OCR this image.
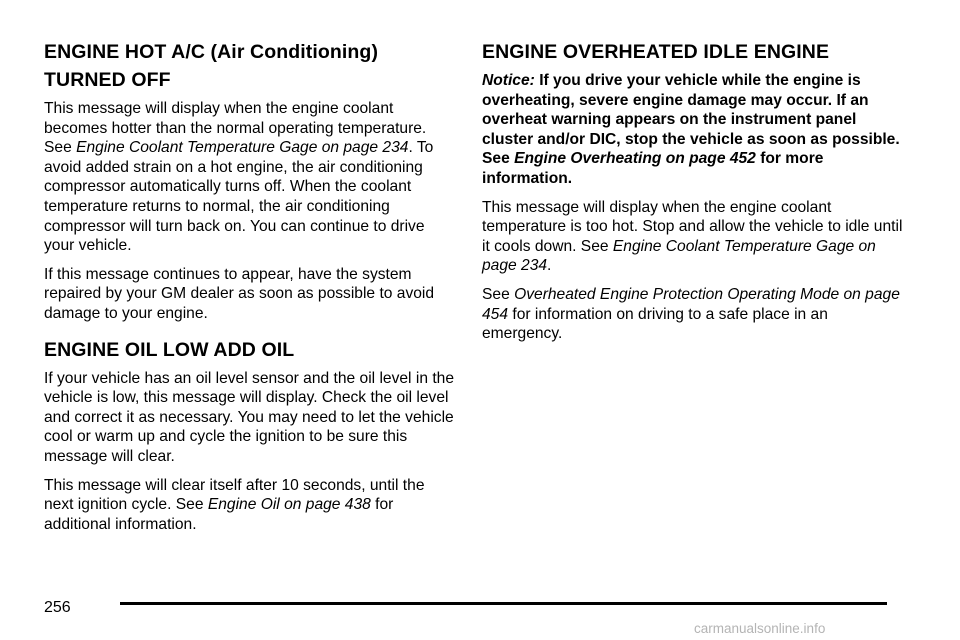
ENGINE HOT A/C (Air Conditioning) TURNED OFF

This message will display when the engine coolant becomes hotter than the normal operating temperature. See Engine Coolant Temperature Gage on page 234. To avoid added strain on a hot engine, the air conditioning compressor automatically turns off. When the coolant temperature returns to normal, the air conditioning compressor will turn back on. You can continue to drive your vehicle.

If this message continues to appear, have the system repaired by your GM dealer as soon as possible to avoid damage to your engine.

ENGINE OIL LOW ADD OIL

If your vehicle has an oil level sensor and the oil level in the vehicle is low, this message will display. Check the oil level and correct it as necessary. You may need to let the vehicle cool or warm up and cycle the ignition to be sure this message will clear.

This message will clear itself after 10 seconds, until the next ignition cycle. See Engine Oil on page 438 for additional information.

ENGINE OVERHEATED IDLE ENGINE

Notice: If you drive your vehicle while the engine is overheating, severe engine damage may occur. If an overheat warning appears on the instrument panel cluster and/or DIC, stop the vehicle as soon as possible. See Engine Overheating on page 452 for more information.

This message will display when the engine coolant temperature is too hot. Stop and allow the vehicle to idle until it cools down. See Engine Coolant Temperature Gage on page 234.

See Overheated Engine Protection Operating Mode on page 454 for information on driving to a safe place in an emergency.

256
carmanualsonline.info
